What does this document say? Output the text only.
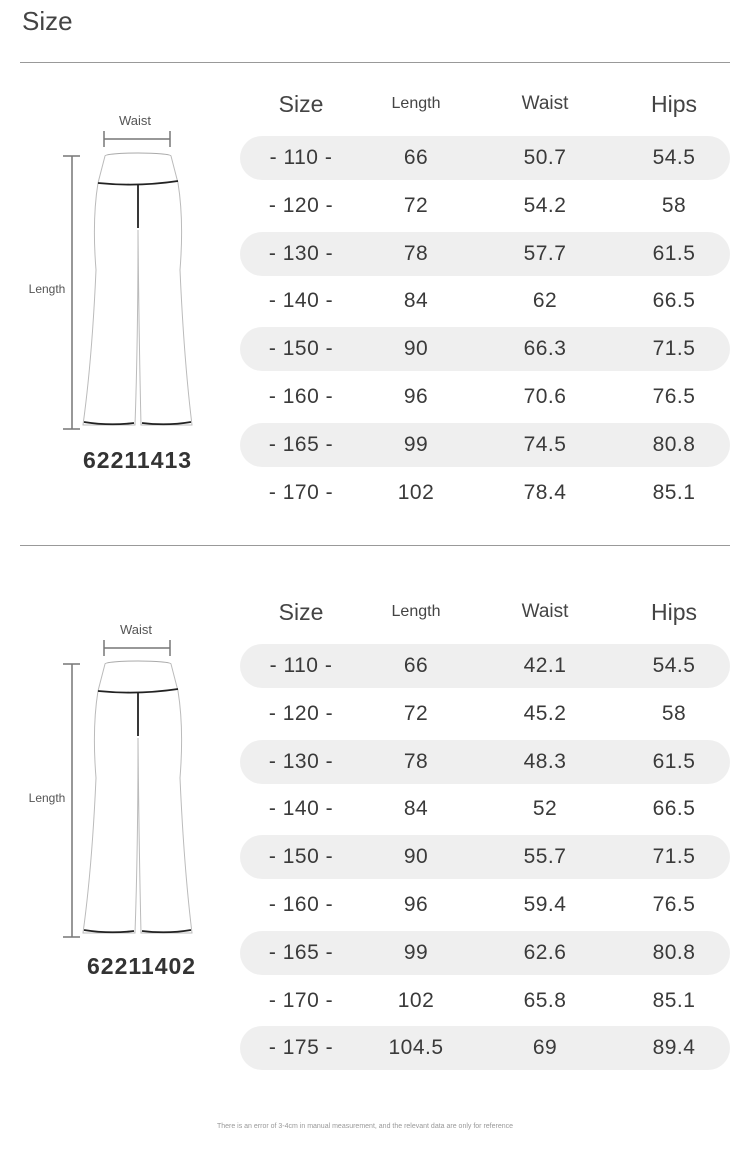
Size
Waist
Length
62211413
Size	Length	Waist	Hips
- 110 -	66	50.7	54.5
- 120 -	72	54.2	58
- 130 -	78	57.7	61.5
- 140 -	84	62	66.5
- 150 -	90	66.3	71.5
- 160 -	96	70.6	76.5
- 165 -	99	74.5	80.8
- 170 -	102	78.4	85.1
Waist
Length
62211402
Size	Length	Waist	Hips
- 110 -	66	42.1	54.5
- 120 -	72	45.2	58
- 130 -	78	48.3	61.5
- 140 -	84	52	66.5
- 150 -	90	55.7	71.5
- 160 -	96	59.4	76.5
- 165 -	99	62.6	80.8
- 170 -	102	65.8	85.1
- 175 -	104.5	69	89.4
There is an error of 3-4cm in manual measurement, and the relevant data are only for reference
